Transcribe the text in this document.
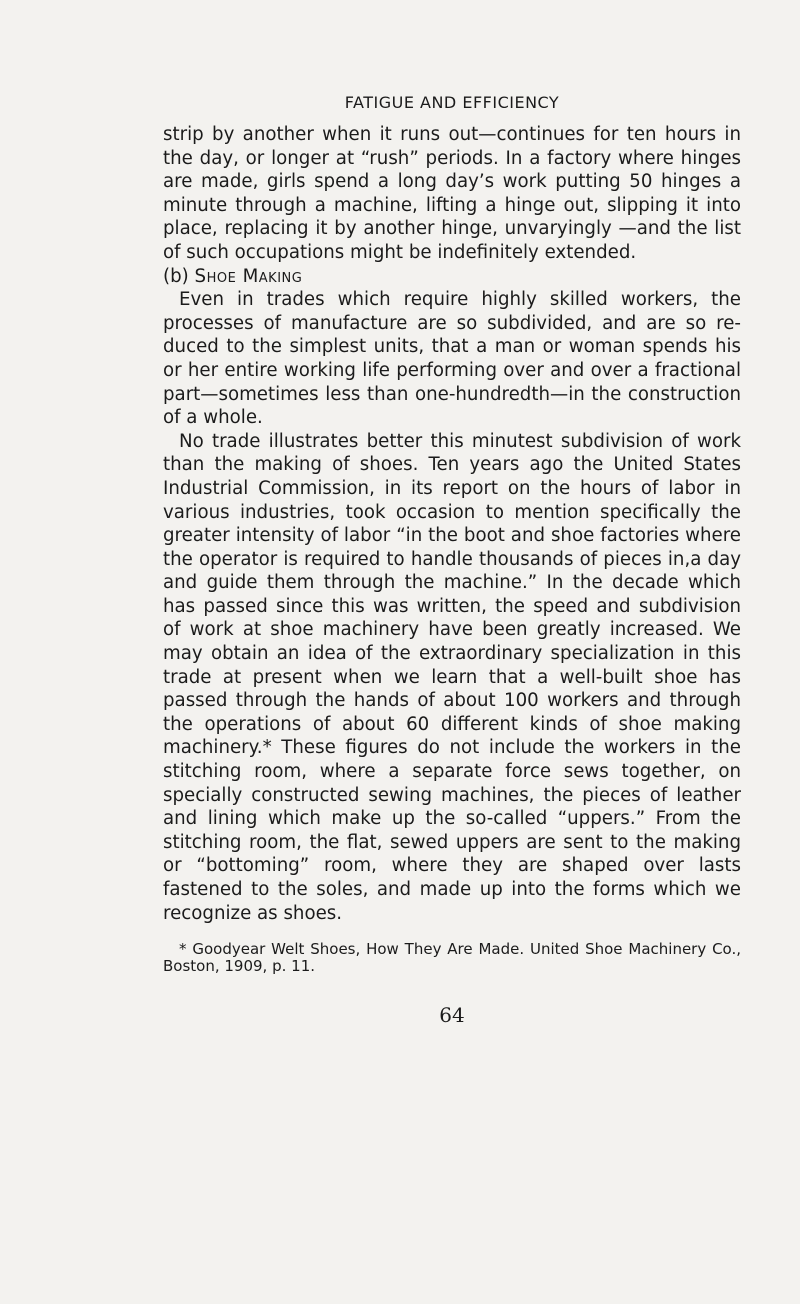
FATIGUE AND EFFICIENCY

strip by another when it runs out—continues for ten hours in the day, or longer at “rush” periods. In a factory where hinges are made, girls spend a long day’s work putting 50 hinges a minute through a machine, lifting a hinge out, slipping it into place, replacing it by another hinge, unvaryingly —and the list of such occupations might be indefinitely extended.

(b) Shoe Making

Even in trades which require highly skilled workers, the processes of manufacture are so subdivided, and are so reduced to the simplest units, that a man or woman spends his or her entire working life performing over and over a fractional part—sometimes less than one-hundredth—in the construction of a whole.

No trade illustrates better this minutest subdivision of work than the making of shoes. Ten years ago the United States Industrial Commission, in its report on the hours of labor in various industries, took occasion to mention specifically the greater intensity of labor “in the boot and shoe factories where the operator is required to handle thousands of pieces in,a day and guide them through the machine.” In the decade which has passed since this was written, the speed and subdivision of work at shoe machinery have been greatly increased. We may obtain an idea of the extraordinary specialization in this trade at present when we learn that a well-built shoe has passed through the hands of about 100 workers and through the operations of about 60 different kinds of shoe making machinery.* These figures do not include the workers in the stitching room, where a separate force sews together, on specially constructed sewing machines, the pieces of leather and lining which make up the so-called “uppers.” From the stitching room, the flat, sewed uppers are sent to the making or “bottoming” room, where they are shaped over lasts fastened to the soles, and made up into the forms which we recognize as shoes.

* Goodyear Welt Shoes, How They Are Made. United Shoe Machinery Co., Boston, 1909, p. 11.

64
